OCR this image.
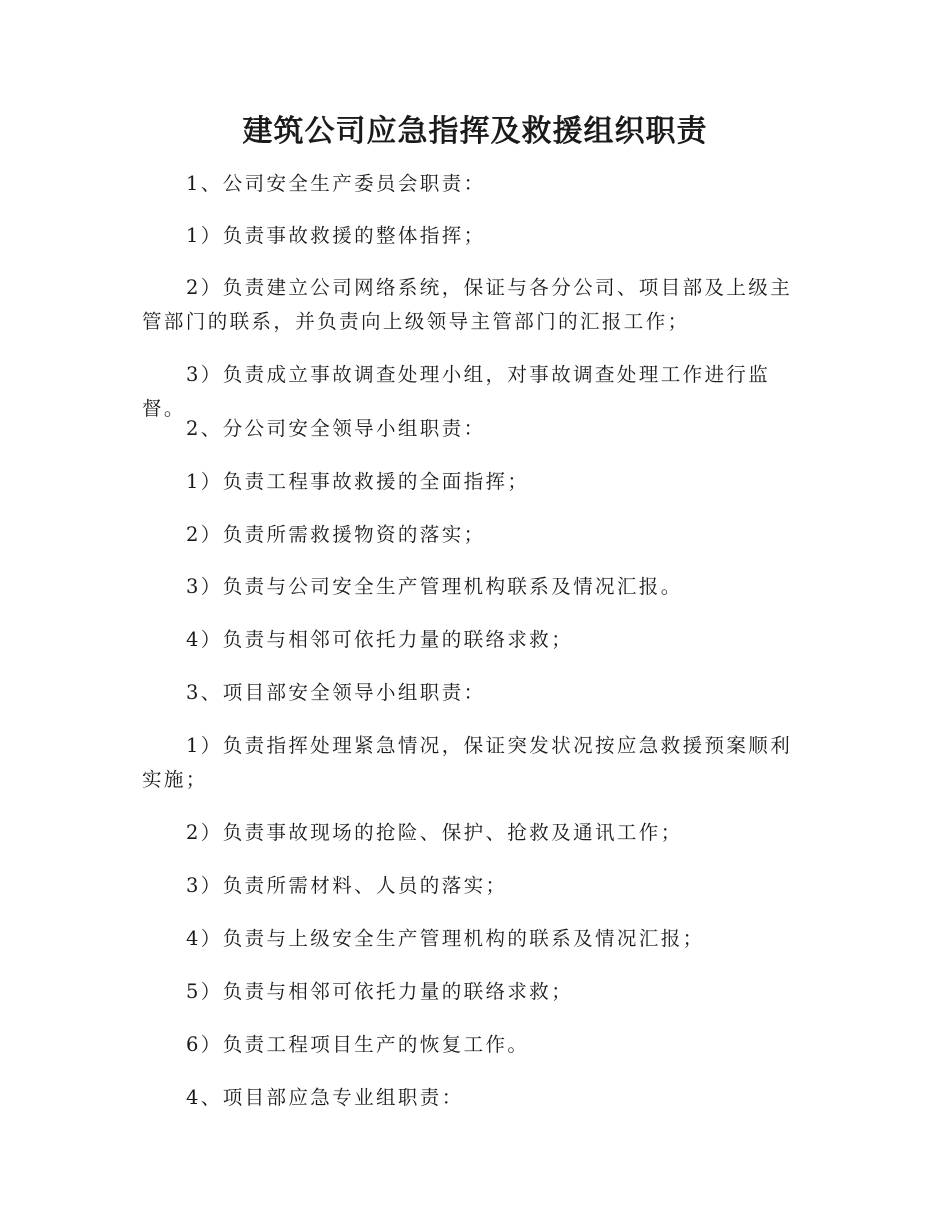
建筑公司应急指挥及救援组织职责

1、公司安全生产委员会职责：

1）负责事故救援的整体指挥；

2）负责建立公司网络系统，保证与各分公司、项目部及上级主管部门的联系，并负责向上级领导主管部门的汇报工作；

3）负责成立事故调查处理小组，对事故调查处理工作进行监督。

2、分公司安全领导小组职责：

1）负责工程事故救援的全面指挥；

2）负责所需救援物资的落实；

3）负责与公司安全生产管理机构联系及情况汇报。

4）负责与相邻可依托力量的联络求救；

3、项目部安全领导小组职责：

1）负责指挥处理紧急情况，保证突发状况按应急救援预案顺利实施；

2）负责事故现场的抢险、保护、抢救及通讯工作；

3）负责所需材料、人员的落实；

4）负责与上级安全生产管理机构的联系及情况汇报；

5）负责与相邻可依托力量的联络求救；

6）负责工程项目生产的恢复工作。

4、项目部应急专业组职责：
